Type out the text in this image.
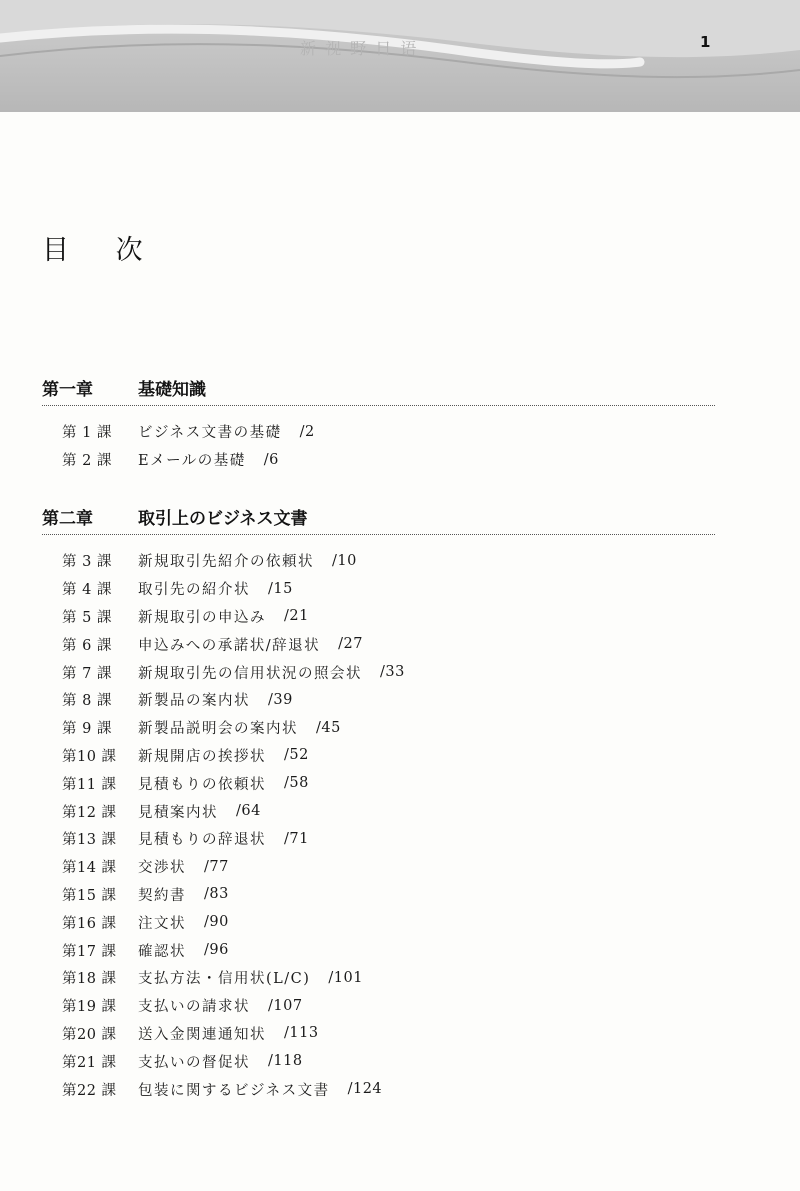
新 视 野 日 语	1
目 次
第一章	基礎知識
第 1 課	ビジネス文書の基礎 /2
第 2 課	Eメールの基礎 /6
第二章	取引上のビジネス文書
第 3 課	新規取引先紹介の依頼状 /10
第 4 課	取引先の紹介状 /15
第 5 課	新規取引の申込み /21
第 6 課	申込みへの承諾状/辞退状 /27
第 7 課	新規取引先の信用状況の照会状 /33
第 8 課	新製品の案内状 /39
第 9 課	新製品説明会の案内状 /45
第10 課	新規開店の挨拶状 /52
第11 課	見積もりの依頼状 /58
第12 課	見積案内状 /64
第13 課	見積もりの辞退状 /71
第14 課	交渉状 /77
第15 課	契約書 /83
第16 課	注文状 /90
第17 課	確認状 /96
第18 課	支払方法・信用状(L/C) /101
第19 課	支払いの請求状 /107
第20 課	送入金関連通知状 /113
第21 課	支払いの督促状 /118
第22 課	包装に関するビジネス文書 /124
